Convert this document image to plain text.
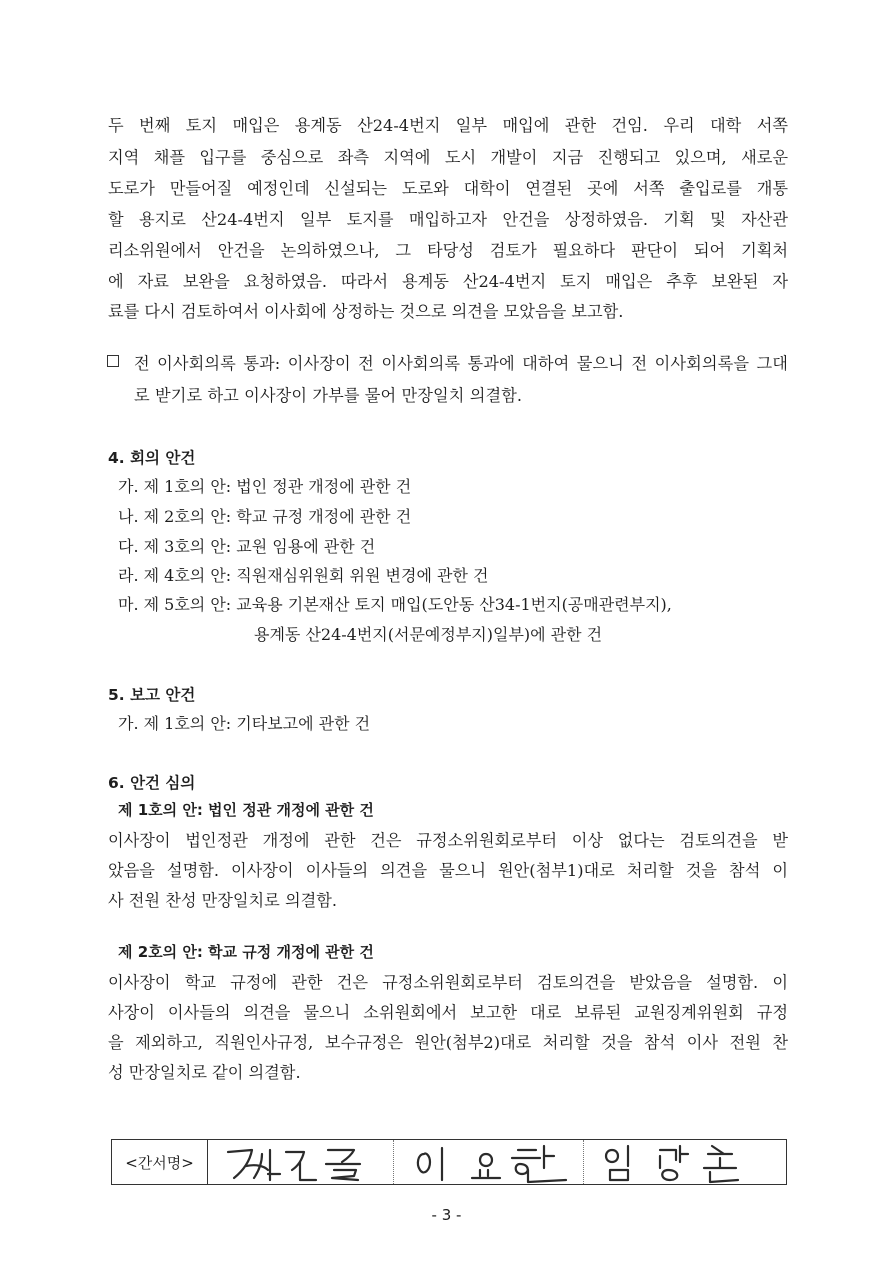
두 번째 토지 매입은 용계동 산24-4번지 일부 매입에 관한 건임. 우리 대학 서쪽
지역 채플 입구를 중심으로 좌측 지역에 도시 개발이 지금 진행되고 있으며, 새로운
도로가 만들어질 예정인데 신설되는 도로와 대학이 연결된 곳에 서쪽 출입로를 개통
할 용지로 산24-4번지 일부 토지를 매입하고자 안건을 상정하였음. 기획 및 자산관
리소위원에서 안건을 논의하였으나, 그 타당성 검토가 필요하다 판단이 되어 기획처
에 자료 보완을 요청하였음. 따라서 용계동 산24-4번지 토지 매입은 추후 보완된 자
료를 다시 검토하여서 이사회에 상정하는 것으로 의견을 모았음을 보고함.
전 이사회의록 통과: 이사장이 전 이사회의록 통과에 대하여 물으니 전 이사회의록을 그대
로 받기로 하고 이사장이 가부를 물어 만장일치 의결함.
4. 회의 안건
가. 제 1호의 안: 법인 정관 개정에 관한 건
나. 제 2호의 안: 학교 규정 개정에 관한 건
다. 제 3호의 안: 교원 임용에 관한 건
라. 제 4호의 안: 직원재심위원회 위원 변경에 관한 건
마. 제 5호의 안: 교육용 기본재산 토지 매입(도안동 산34-1번지(공매관련부지),
용계동 산24-4번지(서문예정부지)일부)에 관한 건
5. 보고 안건
가. 제 1호의 안: 기타보고에 관한 건
6. 안건 심의
제 1호의 안: 법인 정관 개정에 관한 건
이사장이 법인정관 개정에 관한 건은 규정소위원회로부터 이상 없다는 검토의견을 받
았음을 설명함. 이사장이 이사들의 의견을 물으니 원안(첨부1)대로 처리할 것을 참석 이
사 전원 찬성 만장일치로 의결함.
제 2호의 안: 학교 규정 개정에 관한 건
이사장이 학교 규정에 관한 건은 규정소위원회로부터 검토의견을 받았음을 설명함. 이
사장이 이사들의 의견을 물으니 소위원회에서 보고한 대로 보류된 교원징계위원회 규정
을 제외하고, 직원인사규정, 보수규정은 원안(첨부2)대로 처리할 것을 참석 이사 전원 찬
성 만장일치로 같이 의결함.
<간서명>
- 3 -
